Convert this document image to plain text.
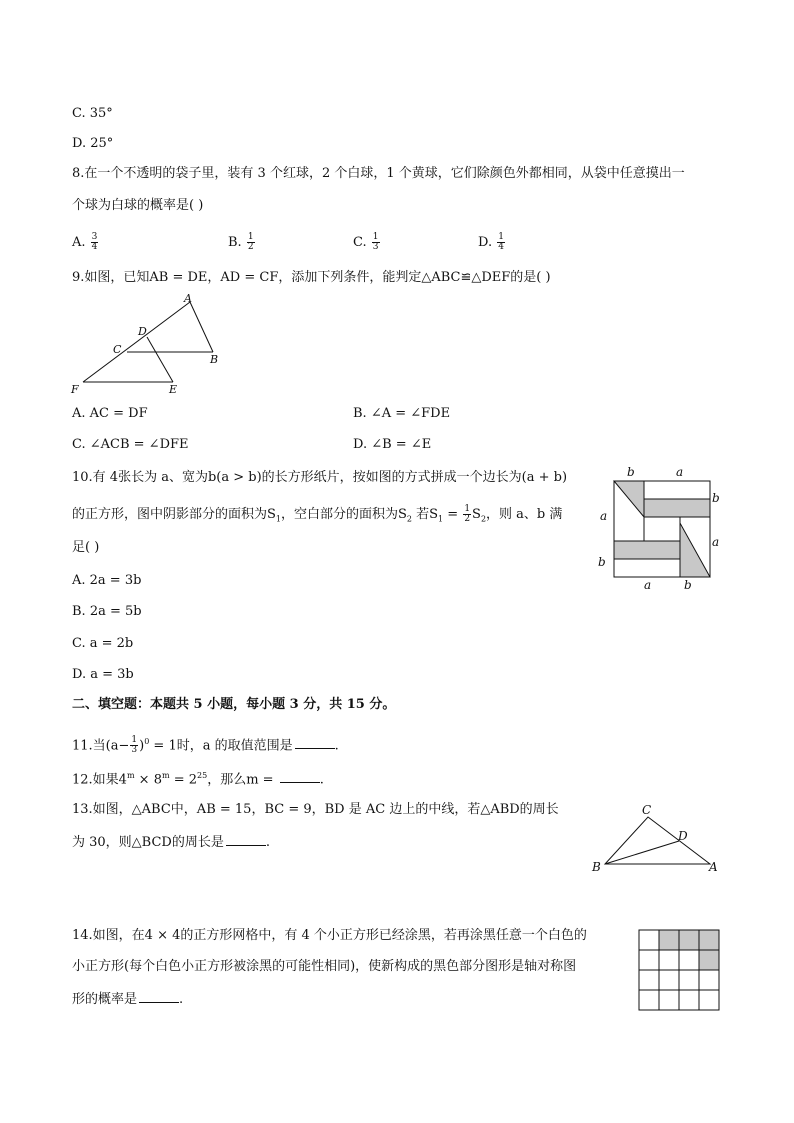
C. 35°
D. 25°
8.在一个不透明的袋子里，装有 3 个红球，2 个白球，1 个黄球，它们除颜色外都相同，从袋中任意摸出一
个球为白球的概率是( )
A. $\frac{3}{4}$	B. $\frac{1}{2}$	C. $\frac{1}{3}$	D. $\frac{1}{4}$
9.如图，已知AB = DE，AD = CF，添加下列条件，能判定△ABC≌△DEF的是( )
A
B
C
D
E
F
A. AC = DF	B. ∠A = ∠FDE
C. ∠ACB = ∠DFE	D. ∠B = ∠E
10.有 4张长为 a、宽为b(a > b)的长方形纸片，按如图的方式拼成一个边长为(a + b)
的正方形，图中阴影部分的面积为$S_1$，空白部分的面积为$S_2$ 若$S_1 = \frac{1}{2} S_2$，则 a、b 满
足( )
A. 2a = 3b
B. 2a = 5b
C. a = 2b
D. a = 3b
b	a
b
a
a
b
a	b
二、填空题：本题共 5 小题，每小题 3 分，共 15 分。
11.当$(a- \frac{1}{3} )^0 = 1$时，a 的取值范围是	.
12.如果$4^m \times 8^m = 2^{25}$，那么m =	.
13.如图，△ABC中，AB = 15，BC = 9，BD 是 AC 边上的中线，若△ABD的周长
为 30，则△BCD的周长是	.
C
D
B	A
14.如图，在4 × 4的正方形网格中，有 4 个小正方形已经涂黑，若再涂黑任意一个白色的
小正方形(每个白色小正方形被涂黑的可能性相同)，使新构成的黑色部分图形是轴对称图
形的概率是	.
